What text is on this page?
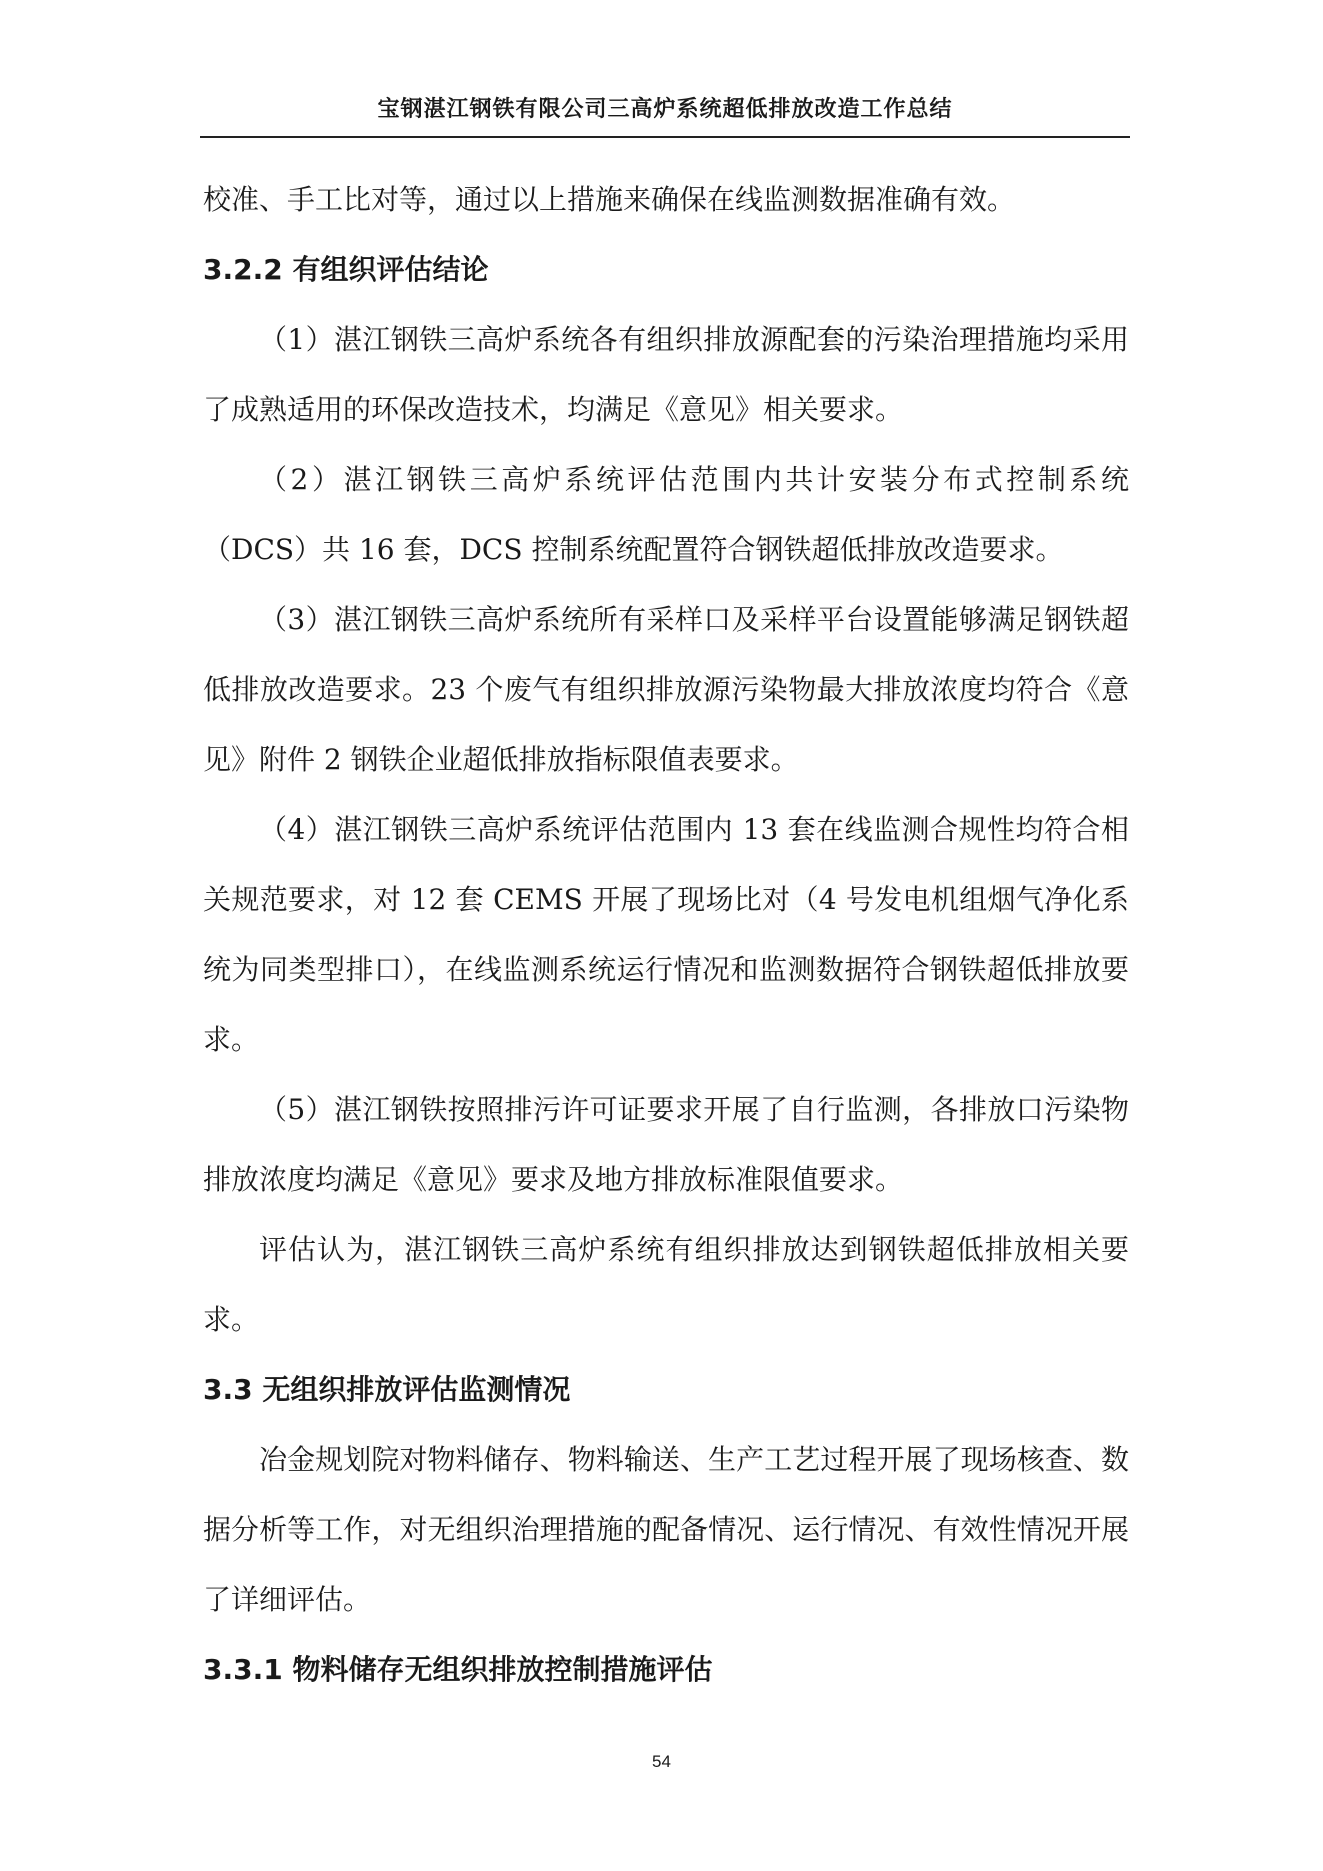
宝钢湛江钢铁有限公司三高炉系统超低排放改造工作总结

校准、手工比对等，通过以上措施来确保在线监测数据准确有效。

3.2.2 有组织评估结论

（1）湛江钢铁三高炉系统各有组织排放源配套的污染治理措施均采用了成熟适用的环保改造技术，均满足《意见》相关要求。

（2）湛江钢铁三高炉系统评估范围内共计安装分布式控制系统（DCS）共 16 套，DCS 控制系统配置符合钢铁超低排放改造要求。

（3）湛江钢铁三高炉系统所有采样口及采样平台设置能够满足钢铁超低排放改造要求。23 个废气有组织排放源污染物最大排放浓度均符合《意见》附件 2 钢铁企业超低排放指标限值表要求。

（4）湛江钢铁三高炉系统评估范围内 13 套在线监测合规性均符合相关规范要求，对 12 套 CEMS 开展了现场比对（4 号发电机组烟气净化系统为同类型排口），在线监测系统运行情况和监测数据符合钢铁超低排放要求。

（5）湛江钢铁按照排污许可证要求开展了自行监测，各排放口污染物排放浓度均满足《意见》要求及地方排放标准限值要求。

评估认为，湛江钢铁三高炉系统有组织排放达到钢铁超低排放相关要求。

3.3 无组织排放评估监测情况

冶金规划院对物料储存、物料输送、生产工艺过程开展了现场核查、数据分析等工作，对无组织治理措施的配备情况、运行情况、有效性情况开展了详细评估。

3.3.1 物料储存无组织排放控制措施评估
54
